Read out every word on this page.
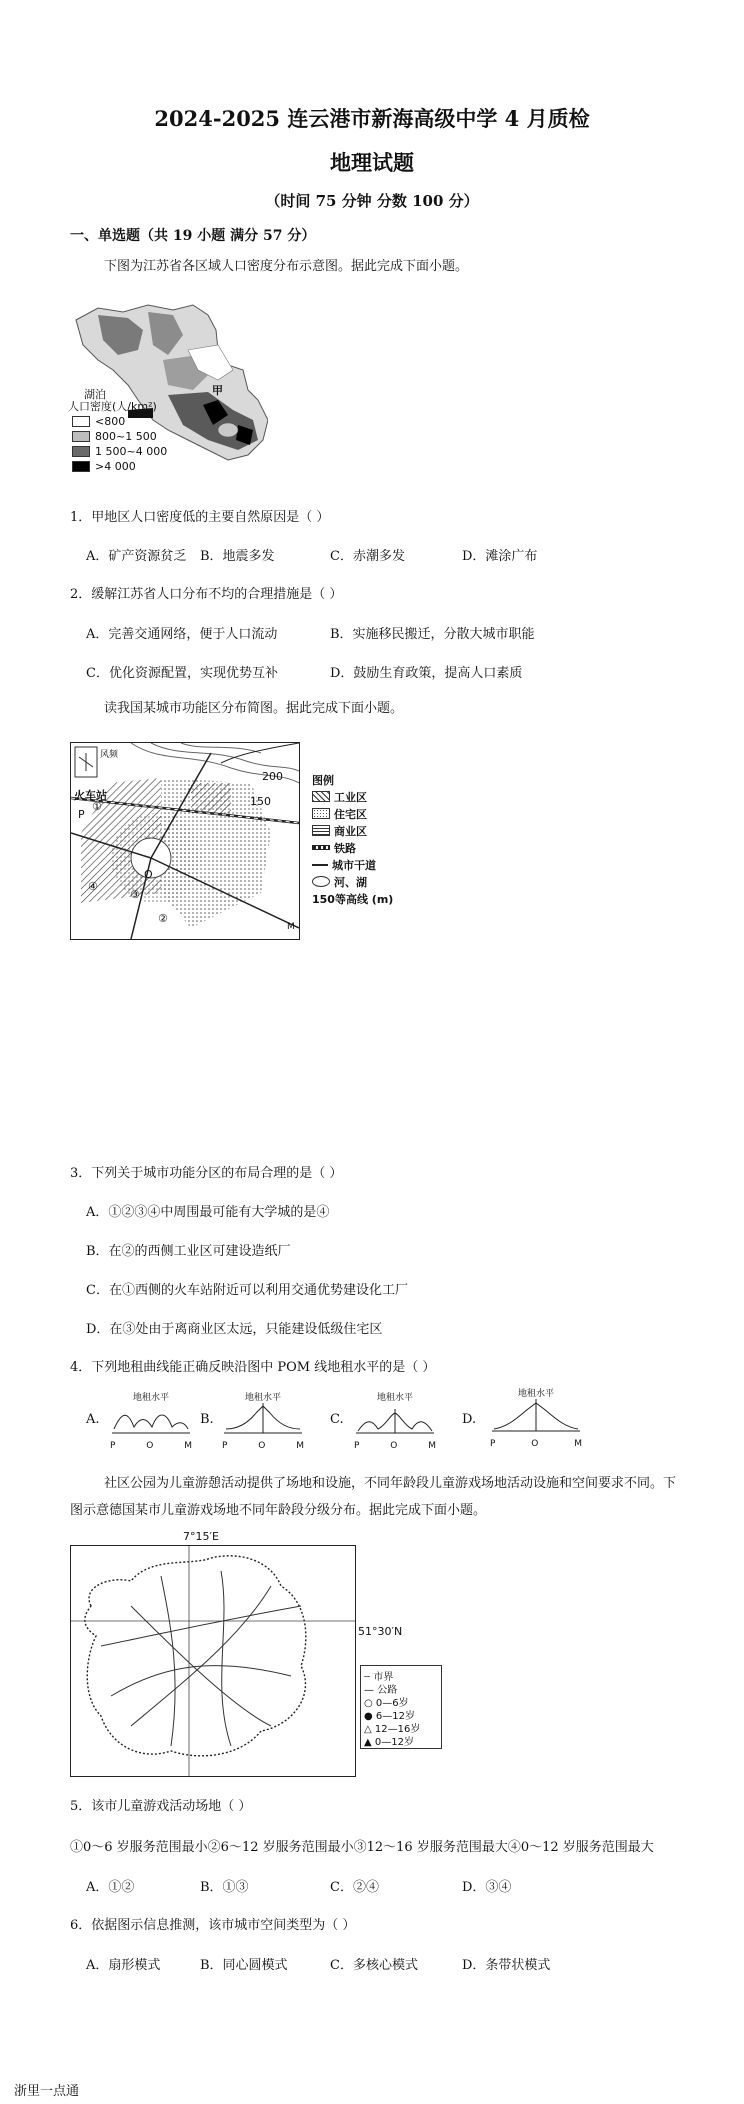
2024-2025 连云港市新海高级中学 4 月质检
地理试题
（时间 75 分钟 分数 100 分）
一、单选题（共 19 小题 满分 57 分）
下图为江苏省各区域人口密度分布示意图。据此完成下面小题。
湖泊
人口密度(人/km²)
甲
<800
800~1 500
1 500~4 000
>4 000
1．甲地区人口密度低的主要自然原因是（ ）
A．矿产资源贫乏 B．地震多发	C．赤潮多发	D．滩涂广布
2．缓解江苏省人口分布不均的合理措施是（ ）
A．完善交通网络，便于人口流动	B．实施移民搬迁，分散大城市职能
C．优化资源配置，实现优势互补	D．鼓励生育政策，提高人口素质
读我国某城市功能区分布简图。据此完成下面小题。
风频
火车站
200
150
①
②
③
④
P
O
M
图例
工业区
住宅区
商业区
铁路
城市干道
河、湖
150等高线 (m)
3．下列关于城市功能分区的布局合理的是（ ）
A．①②③④中周围最可能有大学城的是④
B．在②的西侧工业区可建设造纸厂
C．在①西侧的火车站附近可以利用交通优势建设化工厂
D．在③处由于离商业区太远，只能建设低级住宅区
4．下列地租曲线能正确反映沿图中 POM 线地租水平的是（ ）
A.	B.	C.	D.
地租水平
P	O	M
地租水平
P	O	M
地租水平
P	O	M
地租水平
P	O	M
社区公园为儿童游憩活动提供了场地和设施，不同年龄段儿童游戏场地活动设施和空间要求不同。下
图示意德国某市儿童游戏场地不同年龄段分级分布。据此完成下面小题。
7°15′E
51°30′N
┄ 市界
— 公路
○ 0—6岁
● 6—12岁
△ 12—16岁
▲ 0—12岁
5．该市儿童游戏活动场地（ ）
①0～6 岁服务范围最小②6～12 岁服务范围最小③12～16 岁服务范围最大④0～12 岁服务范围最大
A．①②	B．①③	C．②④	D．③④
6．依据图示信息推测，该市城市空间类型为（ ）
A．扇形模式	B．同心圆模式	C．多核心模式	D．条带状模式
浙里一点通
